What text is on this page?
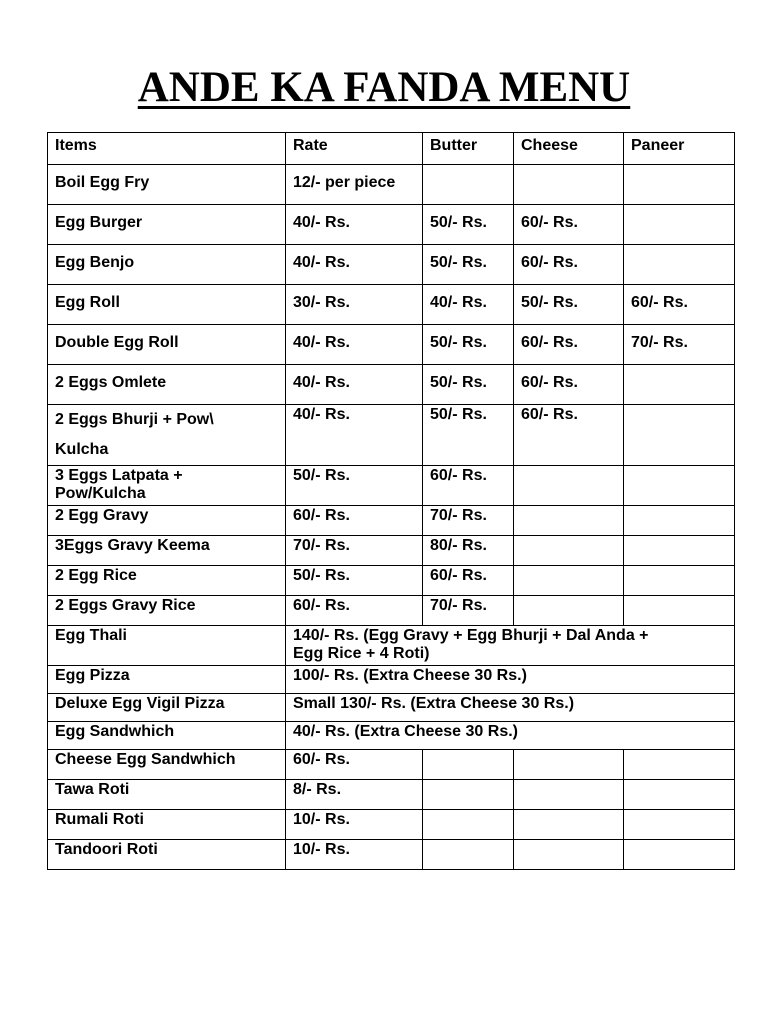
ANDE KA FANDA MENU
Items	Rate	Butter	Cheese	Paneer
Boil Egg Fry	12/- per piece			
Egg Burger	40/- Rs.	50/- Rs.	60/- Rs.	
Egg Benjo	40/- Rs.	50/- Rs.	60/- Rs.	
Egg Roll	30/- Rs.	40/- Rs.	50/- Rs.	60/- Rs.
Double Egg Roll	40/- Rs.	50/- Rs.	60/- Rs.	70/- Rs.
2 Eggs Omlete	40/- Rs.	50/- Rs.	60/- Rs.	
2 Eggs Bhurji + Pow\
Kulcha	40/- Rs.	50/- Rs.	60/- Rs.	
3 Eggs Latpata +
Pow/Kulcha	50/- Rs.	60/- Rs.		
2 Egg Gravy	60/- Rs.	70/- Rs.		
3Eggs Gravy Keema	70/- Rs.	80/- Rs.		
2 Egg Rice	50/- Rs.	60/- Rs.		
2 Eggs Gravy Rice	60/- Rs.	70/- Rs.		
Egg Thali	140/- Rs. (Egg Gravy + Egg Bhurji + Dal Anda +
Egg Rice + 4 Roti)			
Egg Pizza	100/- Rs. (Extra Cheese 30 Rs.)			
Deluxe Egg Vigil Pizza	Small 130/- Rs. (Extra Cheese 30 Rs.)			
Egg Sandwhich	40/- Rs. (Extra Cheese 30 Rs.)			
Cheese Egg Sandwhich	60/- Rs.			
Tawa Roti	8/- Rs.			
Rumali Roti	10/- Rs.			
Tandoori Roti	10/- Rs.			
